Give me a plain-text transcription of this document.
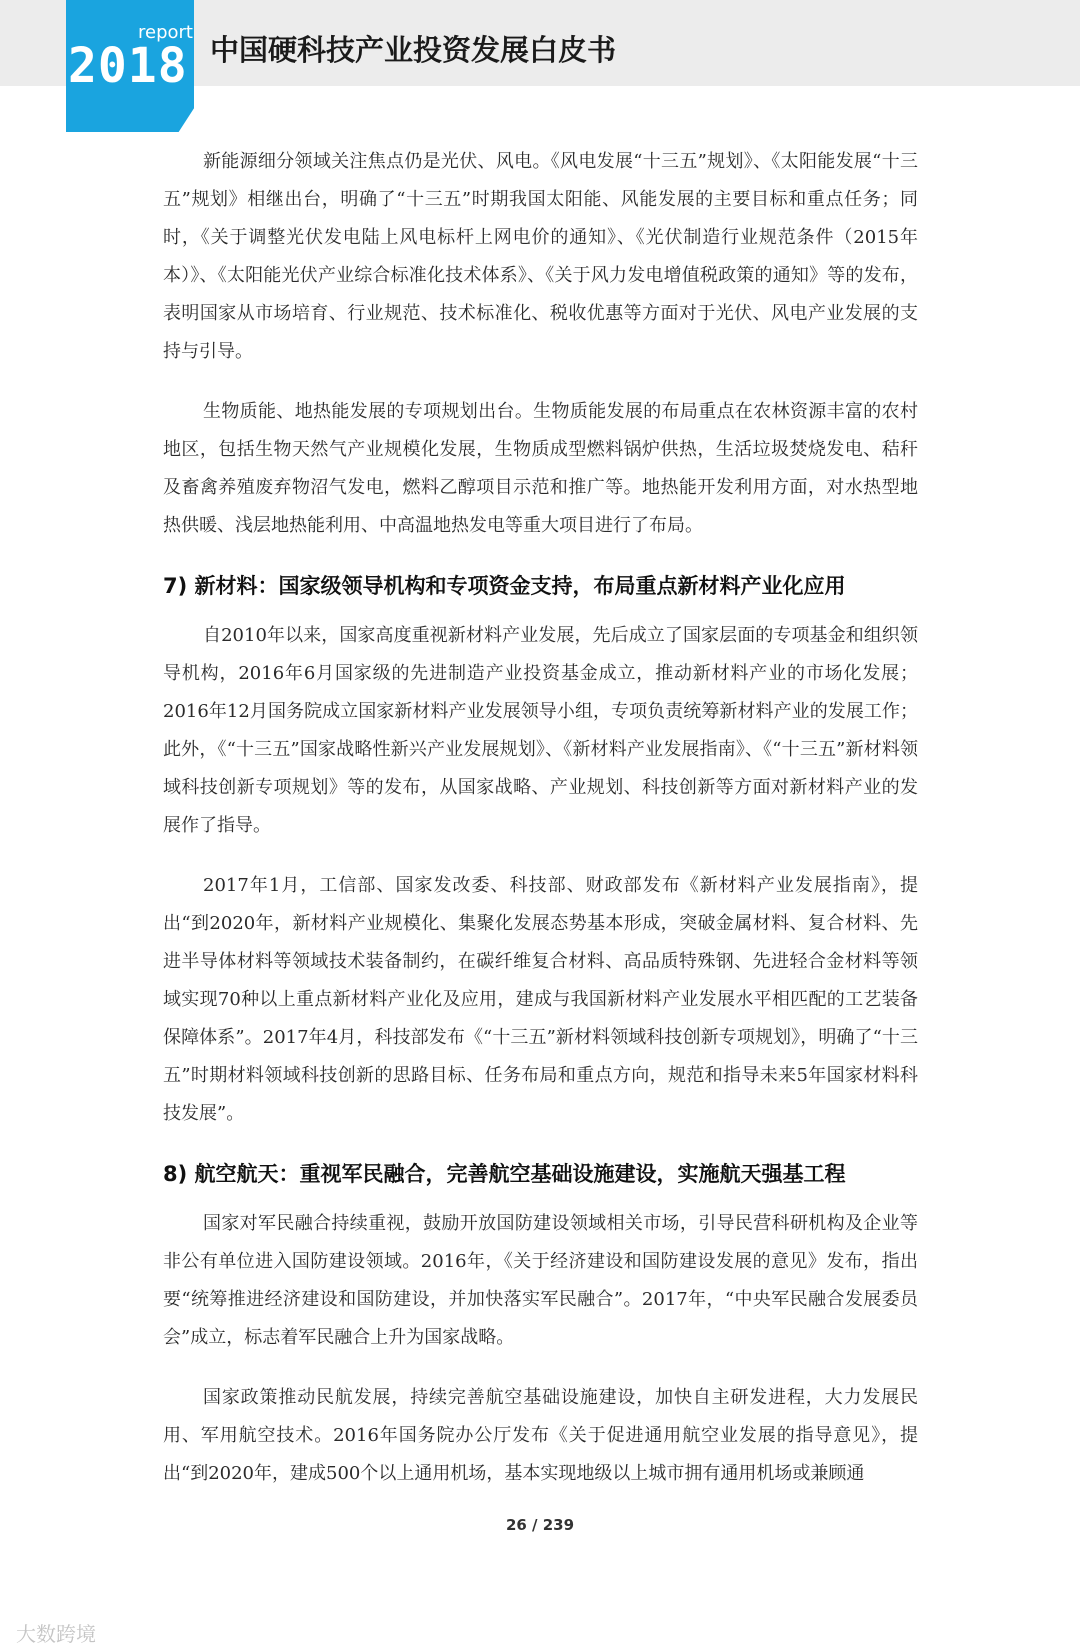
report
2018 中国硬科技产业投资发展白皮书

新能源细分领域关注焦点仍是光伏、风电。《风电发展“十三五”规划》、《太阳能发展“十三五”规划》相继出台，明确了“十三五”时期我国太阳能、风能发展的主要目标和重点任务；同时，《关于调整光伏发电陆上风电标杆上网电价的通知》、《光伏制造行业规范条件（2015年本）》、《太阳能光伏产业综合标准化技术体系》、《关于风力发电增值税政策的通知》等的发布，表明国家从市场培育、行业规范、技术标准化、税收优惠等方面对于光伏、风电产业发展的支持与引导。

生物质能、地热能发展的专项规划出台。生物质能发展的布局重点在农林资源丰富的农村地区，包括生物天然气产业规模化发展，生物质成型燃料锅炉供热，生活垃圾焚烧发电、秸秆及畜禽养殖废弃物沼气发电，燃料乙醇项目示范和推广等。地热能开发利用方面，对水热型地热供暖、浅层地热能利用、中高温地热发电等重大项目进行了布局。

7) 新材料：国家级领导机构和专项资金支持，布局重点新材料产业化应用

自2010年以来，国家高度重视新材料产业发展，先后成立了国家层面的专项基金和组织领导机构，2016年6月国家级的先进制造产业投资基金成立，推动新材料产业的市场化发展；2016年12月国务院成立国家新材料产业发展领导小组，专项负责统筹新材料产业的发展工作；此外，《“十三五”国家战略性新兴产业发展规划》、《新材料产业发展指南》、《“十三五”新材料领域科技创新专项规划》等的发布，从国家战略、产业规划、科技创新等方面对新材料产业的发展作了指导。

2017年1月，工信部、国家发改委、科技部、财政部发布《新材料产业发展指南》，提出“到2020年，新材料产业规模化、集聚化发展态势基本形成，突破金属材料、复合材料、先进半导体材料等领域技术装备制约，在碳纤维复合材料、高品质特殊钢、先进轻合金材料等领域实现70种以上重点新材料产业化及应用，建成与我国新材料产业发展水平相匹配的工艺装备保障体系”。2017年4月，科技部发布《“十三五”新材料领域科技创新专项规划》，明确了“十三五”时期材料领域科技创新的思路目标、任务布局和重点方向，规范和指导未来5年国家材料科技发展”。

8) 航空航天：重视军民融合，完善航空基础设施建设，实施航天强基工程

国家对军民融合持续重视，鼓励开放国防建设领域相关市场，引导民营科研机构及企业等非公有单位进入国防建设领域。2016年，《关于经济建设和国防建设发展的意见》发布，指出要“统筹推进经济建设和国防建设，并加快落实军民融合”。2017年，“中央军民融合发展委员会”成立，标志着军民融合上升为国家战略。

国家政策推动民航发展，持续完善航空基础设施建设，加快自主研发进程，大力发展民用、军用航空技术。2016年国务院办公厅发布《关于促进通用航空业发展的指导意见》，提出“到2020年，建成500个以上通用机场，基本实现地级以上城市拥有通用机场或兼顾通

26 / 239
大数跨境
